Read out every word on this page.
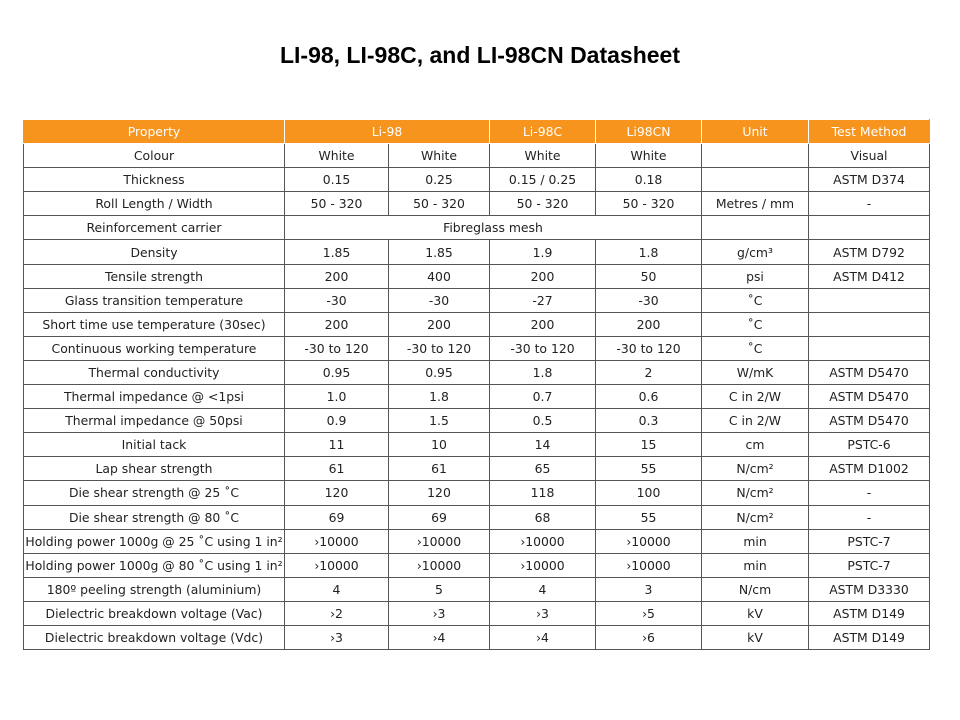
LI-98, LI-98C, and LI-98CN Datasheet
Property	Li-98		Li-98C	Li98CN	Unit	Test Method
Colour	White	White	White	White		Visual
Thickness	0.15	0.25	0.15 / 0.25	0.18		ASTM D374
Roll Length / Width	50 - 320	50 - 320	50 - 320	50 - 320	Metres / mm	-
Reinforcement carrier	Fibreglass mesh					
Density	1.85	1.85	1.9	1.8	g/cm³	ASTM D792
Tensile strength	200	400	200	50	psi	ASTM D412
Glass transition temperature	-30	-30	-27	-30	˚C	
Short time use temperature (30sec)	200	200	200	200	˚C	
Continuous working temperature	-30 to 120	-30 to 120	-30 to 120	-30 to 120	˚C	
Thermal conductivity	0.95	0.95	1.8	2	W/mK	ASTM D5470
Thermal impedance @ <1psi	1.0	1.8	0.7	0.6	C in 2/W	ASTM D5470
Thermal impedance @ 50psi	0.9	1.5	0.5	0.3	C in 2/W	ASTM D5470
Initial tack	11	10	14	15	cm	PSTC-6
Lap shear strength	61	61	65	55	N/cm²	ASTM D1002
Die shear strength @ 25 ˚C	120	120	118	100	N/cm²	-
Die shear strength @ 80 ˚C	69	69	68	55	N/cm²	-
Holding power 1000g @ 25 ˚C using 1 in²	›10000	›10000	›10000	›10000	min	PSTC-7
Holding power 1000g @ 80 ˚C using 1 in²	›10000	›10000	›10000	›10000	min	PSTC-7
180º peeling strength (aluminium)	4	5	4	3	N/cm	ASTM D3330
Dielectric breakdown voltage (Vac)	›2	›3	›3	›5	kV	ASTM D149
Dielectric breakdown voltage (Vdc)	›3	›4	›4	›6	kV	ASTM D149
